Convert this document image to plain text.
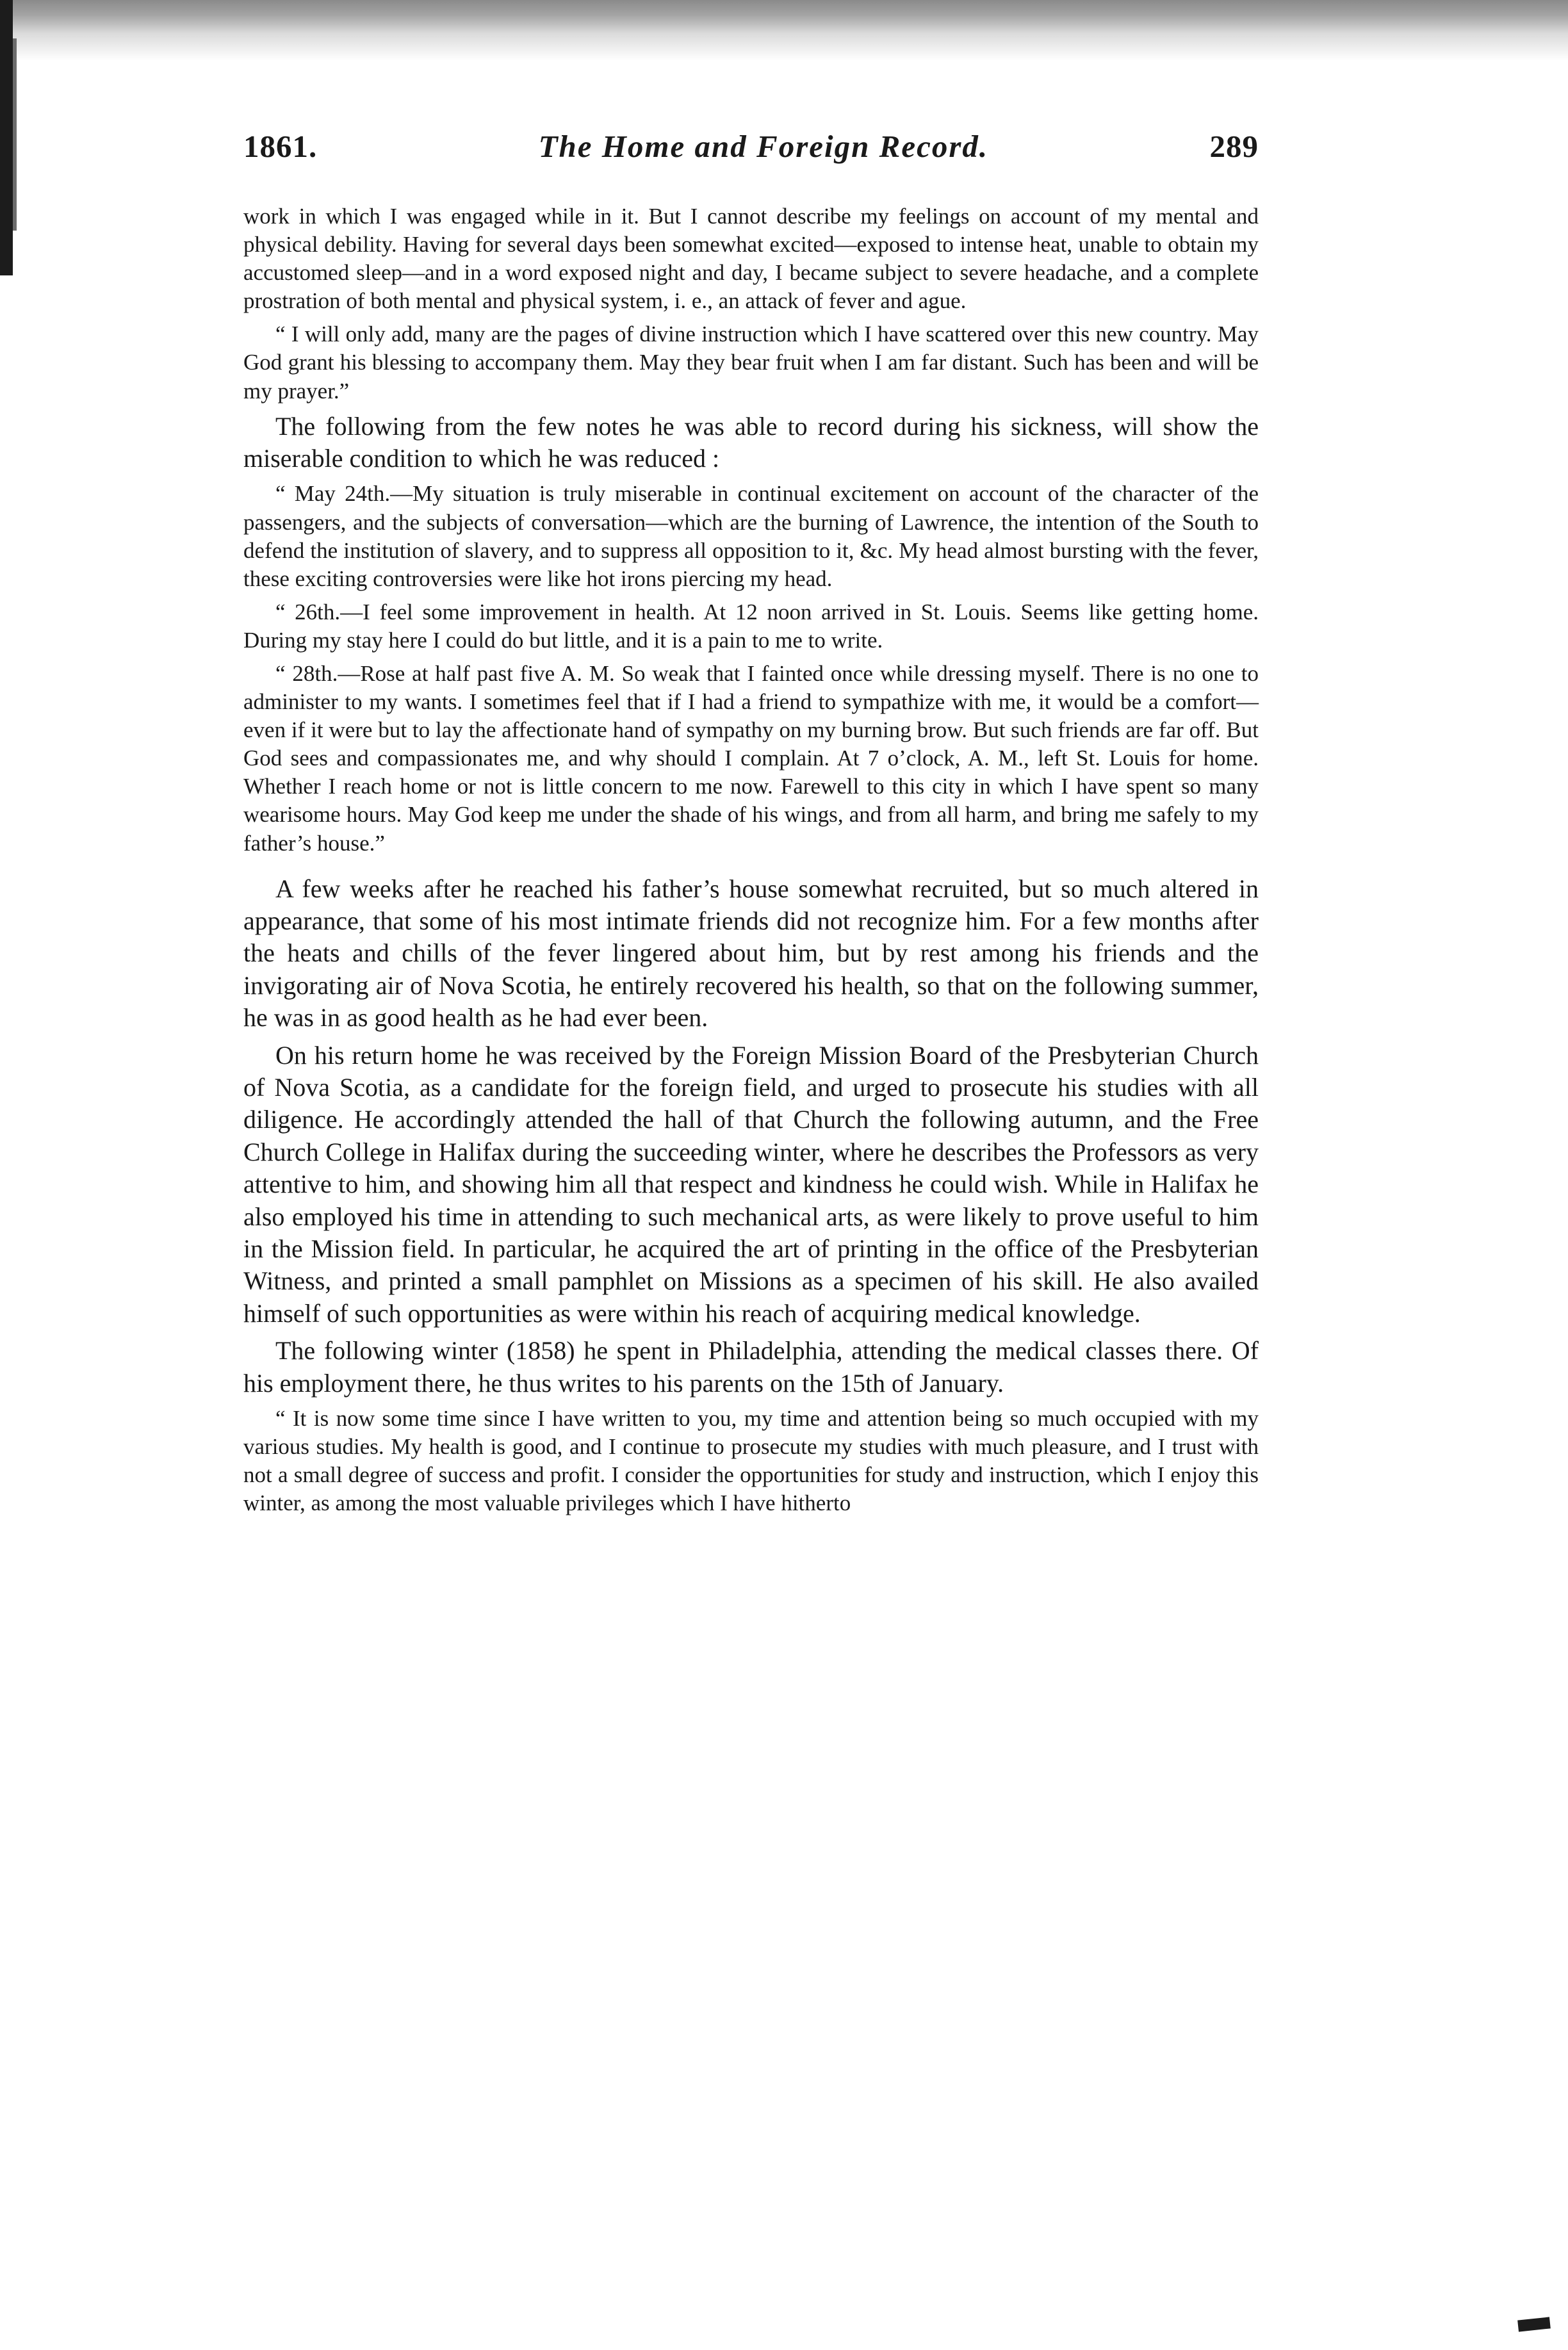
1861.	The Home and Foreign Record.	289

work in which I was engaged while in it. But I cannot describe my feelings on account of my mental and physical debility. Having for several days been somewhat excited—exposed to intense heat, unable to obtain my accustomed sleep—and in a word exposed night and day, I became subject to severe headache, and a complete prostration of both mental and physical system, i. e., an attack of fever and ague.

“ I will only add, many are the pages of divine instruction which I have scattered over this new country. May God grant his blessing to accompany them. May they bear fruit when I am far distant. Such has been and will be my prayer.”

The following from the few notes he was able to record during his sickness, will show the miserable condition to which he was reduced :

“ May 24th.—My situation is truly miserable in continual excitement on account of the character of the passengers, and the subjects of conversation—which are the burning of Lawrence, the intention of the South to defend the institution of slavery, and to suppress all opposition to it, &c. My head almost bursting with the fever, these exciting controversies were like hot irons piercing my head.

“ 26th.—I feel some improvement in health. At 12 noon arrived in St. Louis. Seems like getting home. During my stay here I could do but little, and it is a pain to me to write.

“ 28th.—Rose at half past five A. M. So weak that I fainted once while dressing myself. There is no one to administer to my wants. I sometimes feel that if I had a friend to sympathize with me, it would be a comfort—even if it were but to lay the affectionate hand of sympathy on my burning brow. But such friends are far off. But God sees and compassionates me, and why should I complain. At 7 o’clock, A. M., left St. Louis for home. Whether I reach home or not is little concern to me now. Farewell to this city in which I have spent so many wearisome hours. May God keep me under the shade of his wings, and from all harm, and bring me safely to my father’s house.”

A few weeks after he reached his father’s house somewhat recruited, but so much altered in appearance, that some of his most intimate friends did not recognize him. For a few months after the heats and chills of the fever lingered about him, but by rest among his friends and the invigorating air of Nova Scotia, he entirely recovered his health, so that on the following summer, he was in as good health as he had ever been.

On his return home he was received by the Foreign Mission Board of the Presbyterian Church of Nova Scotia, as a candidate for the foreign field, and urged to prosecute his studies with all diligence. He accordingly attended the hall of that Church the following autumn, and the Free Church College in Halifax during the succeeding winter, where he describes the Professors as very attentive to him, and showing him all that respect and kindness he could wish. While in Halifax he also employed his time in attending to such mechanical arts, as were likely to prove useful to him in the Mission field. In particular, he acquired the art of printing in the office of the Presbyterian Witness, and printed a small pamphlet on Missions as a specimen of his skill. He also availed himself of such opportunities as were within his reach of acquiring medical knowledge.

The following winter (1858) he spent in Philadelphia, attending the medical classes there. Of his employment there, he thus writes to his parents on the 15th of January.

“ It is now some time since I have written to you, my time and attention being so much occupied with my various studies. My health is good, and I continue to prosecute my studies with much pleasure, and I trust with not a small degree of success and profit. I consider the opportunities for study and instruction, which I enjoy this winter, as among the most valuable privileges which I have hitherto
